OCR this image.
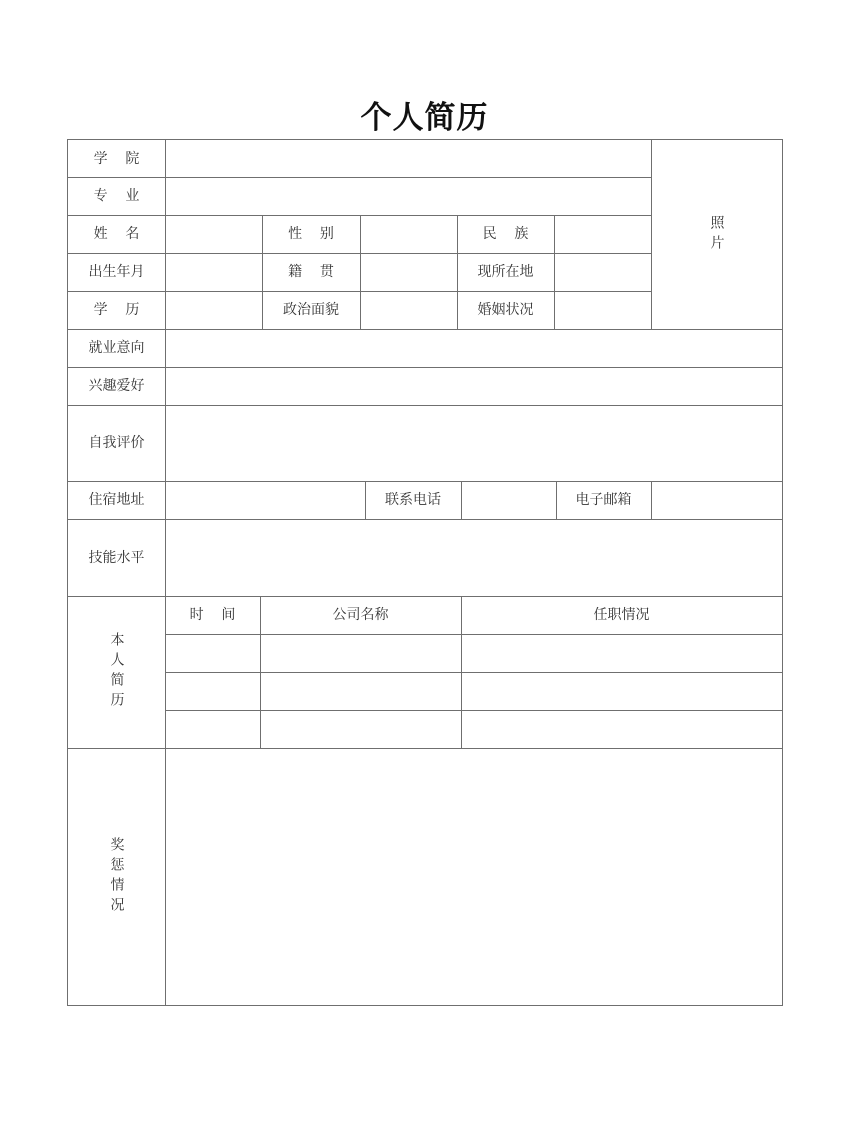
个人简历
学    院
专    业
姓    名	性    别	民    族
出生年月	籍    贯	现所在地
学    历	政治面貌	婚姻状况
照片
就业意向
兴趣爱好
自我评价
住宿地址	联系电话	电子邮箱
技能水平
本人简历
时    间	公司名称	任职情况
奖惩情况
